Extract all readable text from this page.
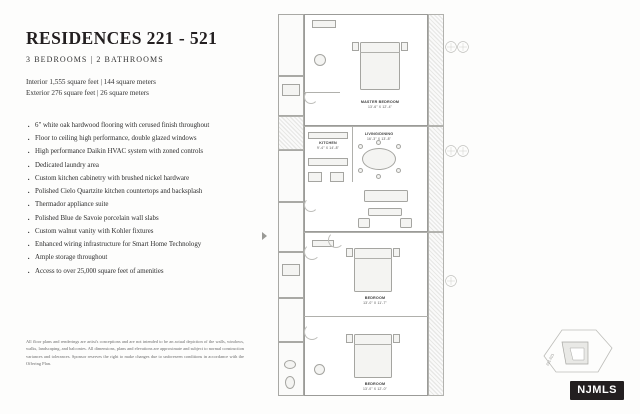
RESIDENCES 221 - 521
3 BEDROOMS | 2 BATHROOMS
Interior 1,555 square feet | 144 square meters
Exterior 276 square feet | 26 square meters
· 6" white oak hardwood flooring with cerused finish throughout
· Floor to ceiling high performance, double glazed windows
· High performance Daikin HVAC system with zoned controls
· Dedicated laundry area
· Custom kitchen cabinetry with brushed nickel hardware
· Polished Cielo Quartzite kitchen countertops and backsplash
· Thermador appliance suite
· Polished Blue de Savoie porcelain wall slabs
· Custom walnut vanity with Kohler fixtures
· Enhanced wiring infrastructure for Smart Home Technology
· Ample storage throughout
· Access to over 25,000 square feet of amenities
All floor plans and renderings are artist's conceptions and are not intended to be an actual depiction of the walls, windows, walks, landscaping, and balconies. All dimensions, plans and elevations are approximate and subject to normal construction variances and tolerances. Sponsor reserves the right to make changes due to unforeseen conditions in accordance with the Offering Plan.
MASTER BEDROOM
13'-6" X 12'-4"
KITCHEN
9'-4" X 14'-8"
LIVING/DINING
16'-3" X 13'-8"
BEDROOM
13'-0" X 11'-7"
BEDROOM
13'-0" X 12'-0"
221-521
NJMLS
